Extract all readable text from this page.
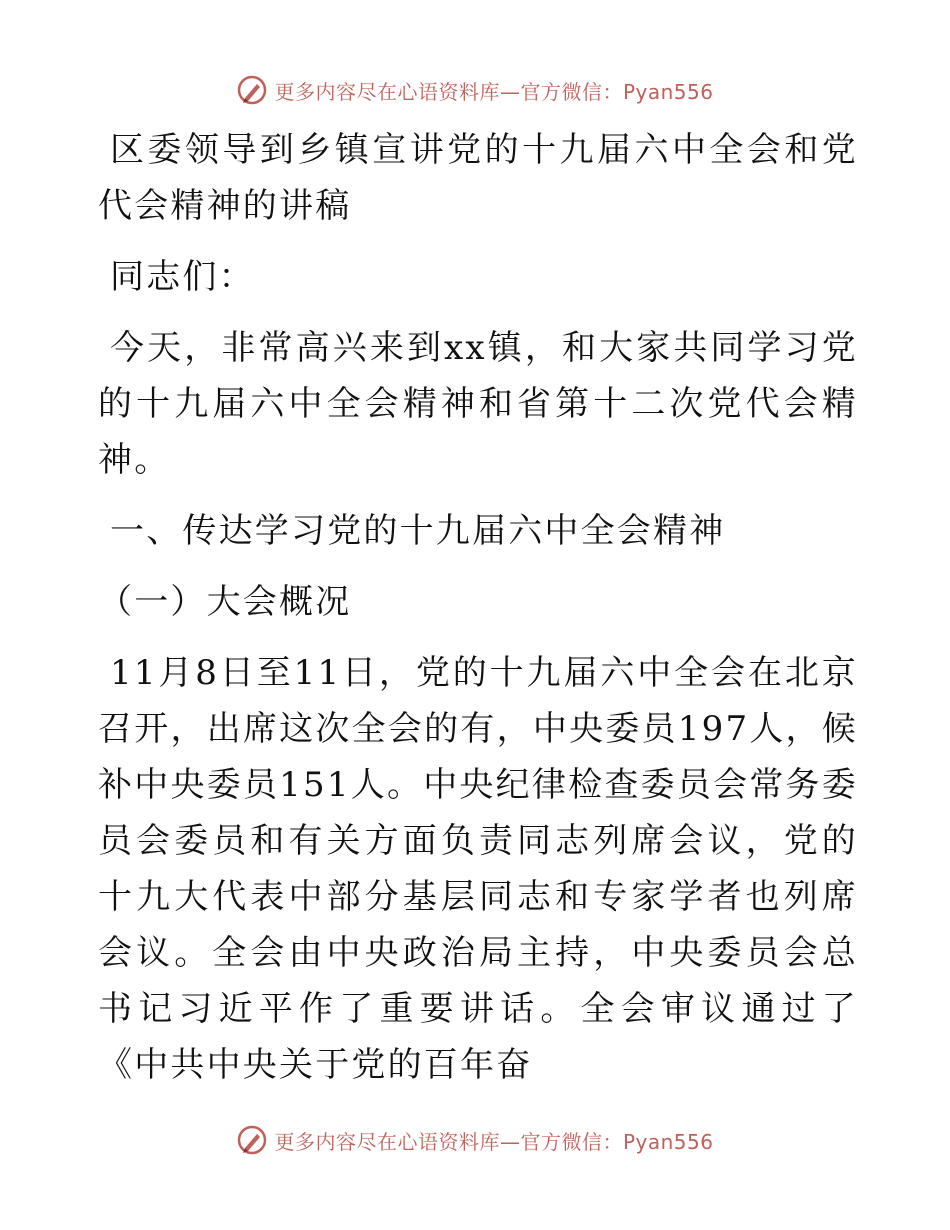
更多内容尽在心语资料库—官方微信：Pyan556

区委领导到乡镇宣讲党的十九届六中全会和党代会精神的讲稿

同志们：

今天，非常高兴来到xx镇，和大家共同学习党的十九届六中全会精神和省第十二次党代会精神。

一、传达学习党的十九届六中全会精神

（一）大会概况

11月8日至11日，党的十九届六中全会在北京召开，出席这次全会的有，中央委员197人，候补中央委员151人。中央纪律检查委员会常务委员会委员和有关方面负责同志列席会议，党的十九大代表中部分基层同志和专家学者也列席会议。全会由中央政治局主持，中央委员会总书记习近平作了重要讲话。全会审议通过了《中共中央关于党的百年奋

更多内容尽在心语资料库—官方微信：Pyan556
